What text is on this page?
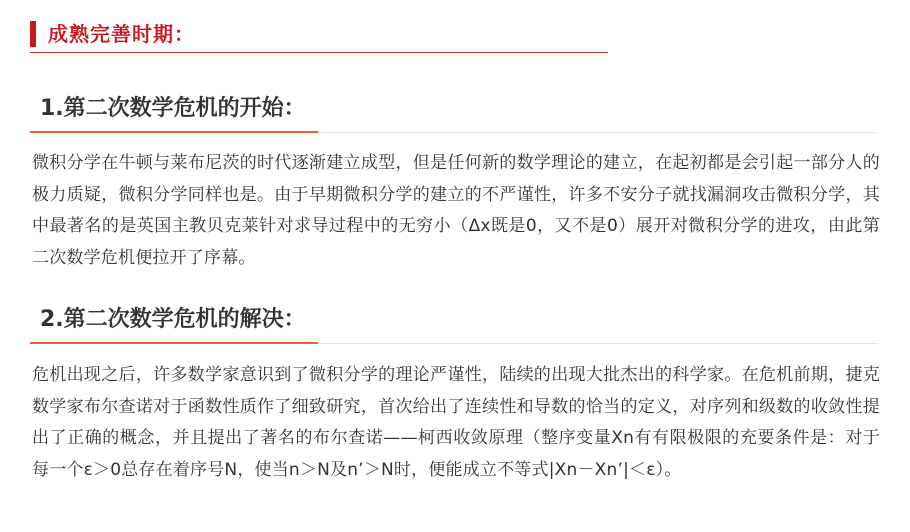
成熟完善时期：
1.第二次数学危机的开始：
微积分学在牛顿与莱布尼茨的时代逐渐建立成型，但是任何新的数学理论的建立，在起初都是会引起一部分人的极力质疑，微积分学同样也是。由于早期微积分学的建立的不严谨性，许多不安分子就找漏洞攻击微积分学，其中最著名的是英国主教贝克莱针对求导过程中的无穷小（Δx既是0，又不是0）展开对微积分学的进攻，由此第二次数学危机便拉开了序幕。
2.第二次数学危机的解决：
危机出现之后，许多数学家意识到了微积分学的理论严谨性，陆续的出现大批杰出的科学家。在危机前期，捷克数学家布尔查诺对于函数性质作了细致研究，首次给出了连续性和导数的恰当的定义，对序列和级数的收敛性提出了正确的概念，并且提出了著名的布尔查诺——柯西收敛原理（整序变量Xn有有限极限的充要条件是：对于每一个ε＞0总存在着序号N，使当n＞N及n’＞N时，便能成立不等式|Xn－Xn’|＜ε）。
